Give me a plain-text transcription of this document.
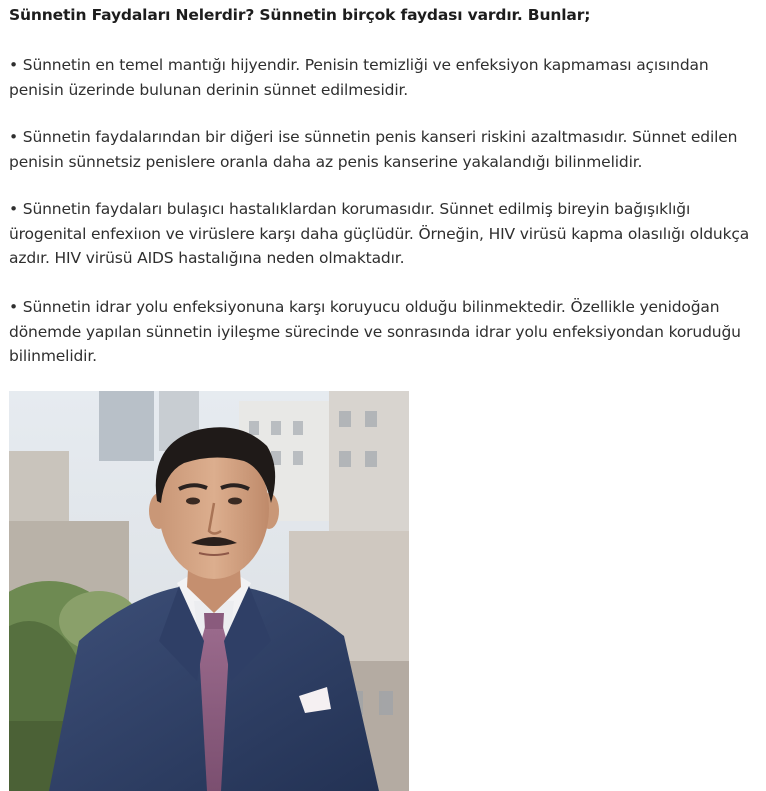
Sünnetin Faydaları Nelerdir? Sünnetin birçok faydası vardır. Bunlar;

• Sünnetin en temel mantığı hijyendir. Penisin temizliği ve enfeksiyon kapmaması açısından penisin üzerinde bulunan derinin sünnet edilmesidir.

• Sünnetin faydalarından bir diğeri ise sünnetin penis kanseri riskini azaltmasıdır. Sünnet edilen penisin sünnetsiz penislere oranla daha az penis kanserine yakalandığı bilinmelidir.

• Sünnetin faydaları bulaşıcı hastalıklardan korumasıdır. Sünnet edilmiş bireyin bağışıklığı ürogenital enfexiıon ve virüslere karşı daha güçlüdür. Örneğin, HIV virüsü kapma olasılığı oldukça azdır. HIV virüsü AIDS hastalığına neden olmaktadır.

• Sünnetin idrar yolu enfeksiyonuna karşı koruyucu olduğu bilinmektedir. Özellikle yenidoğan dönemde yapılan sünnetin iyileşme sürecinde ve sonrasında idrar yolu enfeksiyondan koruduğu bilinmelidir.
